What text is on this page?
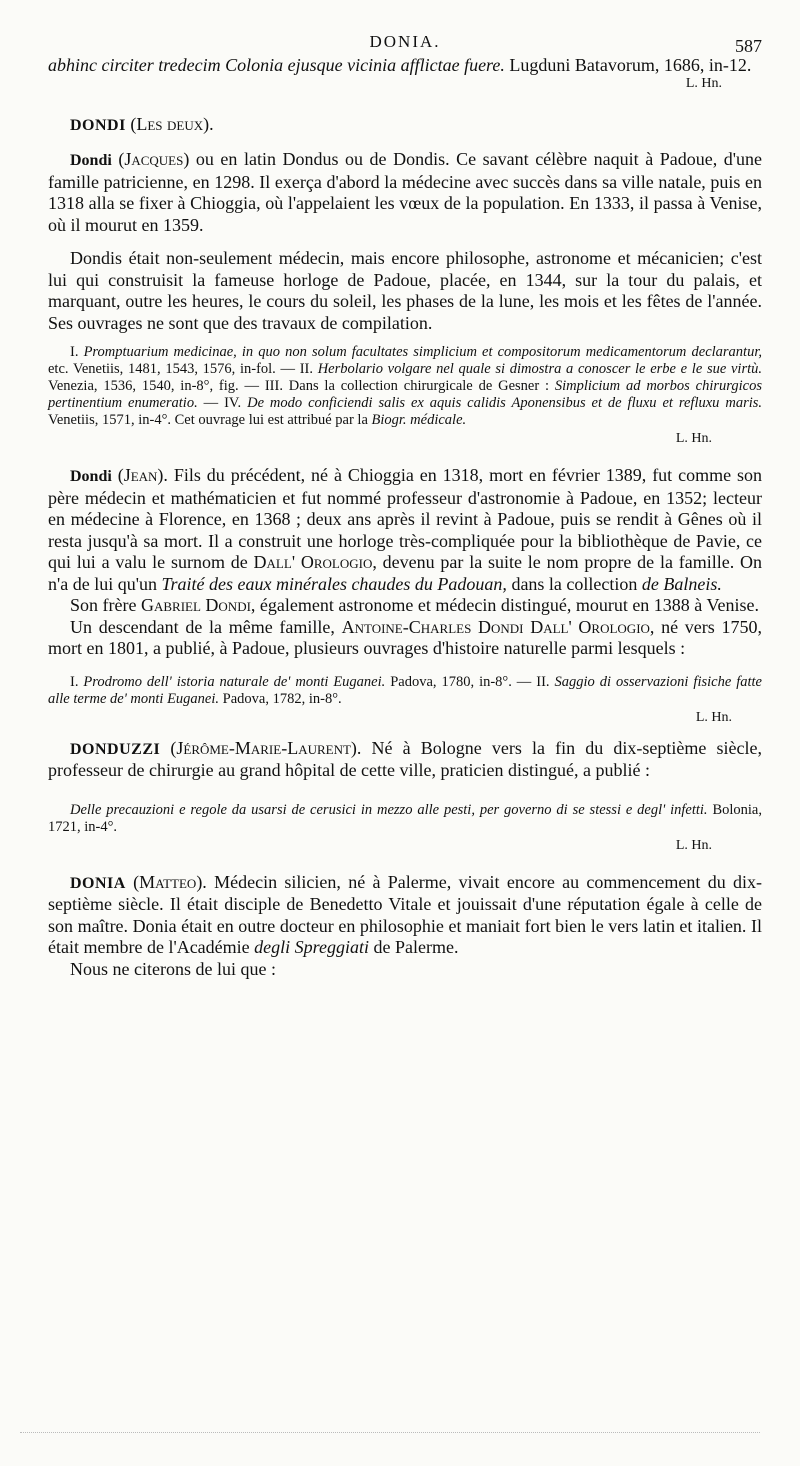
DONIA.	587

abhinc circiter tredecim Colonia ejusque vicinia afflictae fuere. Lugduni Batavorum, 1686, in-12.

L. Hn.
DONDI (Les deux).

Dondi (Jacques) ou en latin Dondus ou de Dondis. Ce savant célèbre naquit à Padoue, d'une famille patricienne, en 1298. Il exerça d'abord la médecine avec succès dans sa ville natale, puis en 1318 alla se fixer à Chioggia, où l'appelaient les vœux de la population. En 1333, il passa à Venise, où il mourut en 1359.

Dondis était non-seulement médecin, mais encore philosophe, astronome et mécanicien; c'est lui qui construisit la fameuse horloge de Padoue, placée, en 1344, sur la tour du palais, et marquant, outre les heures, le cours du soleil, les phases de la lune, les mois et les fêtes de l'année. Ses ouvrages ne sont que des travaux de compilation.

I. Promptuarium medicinae, in quo non solum facultates simplicium et compositorum medicamentorum declarantur, etc. Venetiis, 1481, 1543, 1576, in-fol. — II. Herbolario volgare nel quale si dimostra a conoscer le erbe e le sue virtù. Venezia, 1536, 1540, in-8°, fig. — III. Dans la collection chirurgicale de Gesner : Simplicium ad morbos chirurgicos pertinentium enumeratio. — IV. De modo conficiendi salis ex aquis calidis Aponensibus et de fluxu et refluxu maris. Venetiis, 1571, in-4°. Cet ouvrage lui est attribué par la Biogr. médicale.

L. Hn.

Dondi (Jean). Fils du précédent, né à Chioggia en 1318, mort en février 1389, fut comme son père médecin et mathématicien et fut nommé professeur d'astronomie à Padoue, en 1352; lecteur en médecine à Florence, en 1368 ; deux ans après il revint à Padoue, puis se rendit à Gênes où il resta jusqu'à sa mort. Il a construit une horloge très-compliquée pour la bibliothèque de Pavie, ce qui lui a valu le surnom de Dall' Orologio, devenu par la suite le nom propre de la famille. On n'a de lui qu'un Traité des eaux minérales chaudes du Padouan, dans la collection de Balneis.

Son frère Gabriel Dondi, également astronome et médecin distingué, mourut en 1388 à Venise.

Un descendant de la même famille, Antoine-Charles Dondi Dall' Orologio, né vers 1750, mort en 1801, a publié, à Padoue, plusieurs ouvrages d'histoire naturelle parmi lesquels :

I. Prodromo dell' istoria naturale de' monti Euganei. Padova, 1780, in-8°. — II. Saggio di osservazioni fisiche fatte alle terme de' monti Euganei. Padova, 1782, in-8°.

L. Hn.

DONDUZZI (Jérôme-Marie-Laurent). Né à Bologne vers la fin du dix-septième siècle, professeur de chirurgie au grand hôpital de cette ville, praticien distingué, a publié :

Delle precauzioni e regole da usarsi de cerusici in mezzo alle pesti, per governo di se stessi e degl' infetti. Bolonia, 1721, in-4°.

L. Hn.

DONIA (Matteo). Médecin silicien, né à Palerme, vivait encore au commencement du dix-septième siècle. Il était disciple de Benedetto Vitale et jouissait d'une réputation égale à celle de son maître. Donia était en outre docteur en philosophie et maniait fort bien le vers latin et italien. Il était membre de l'Académie degli Spreggiati de Palerme.

Nous ne citerons de lui que :
